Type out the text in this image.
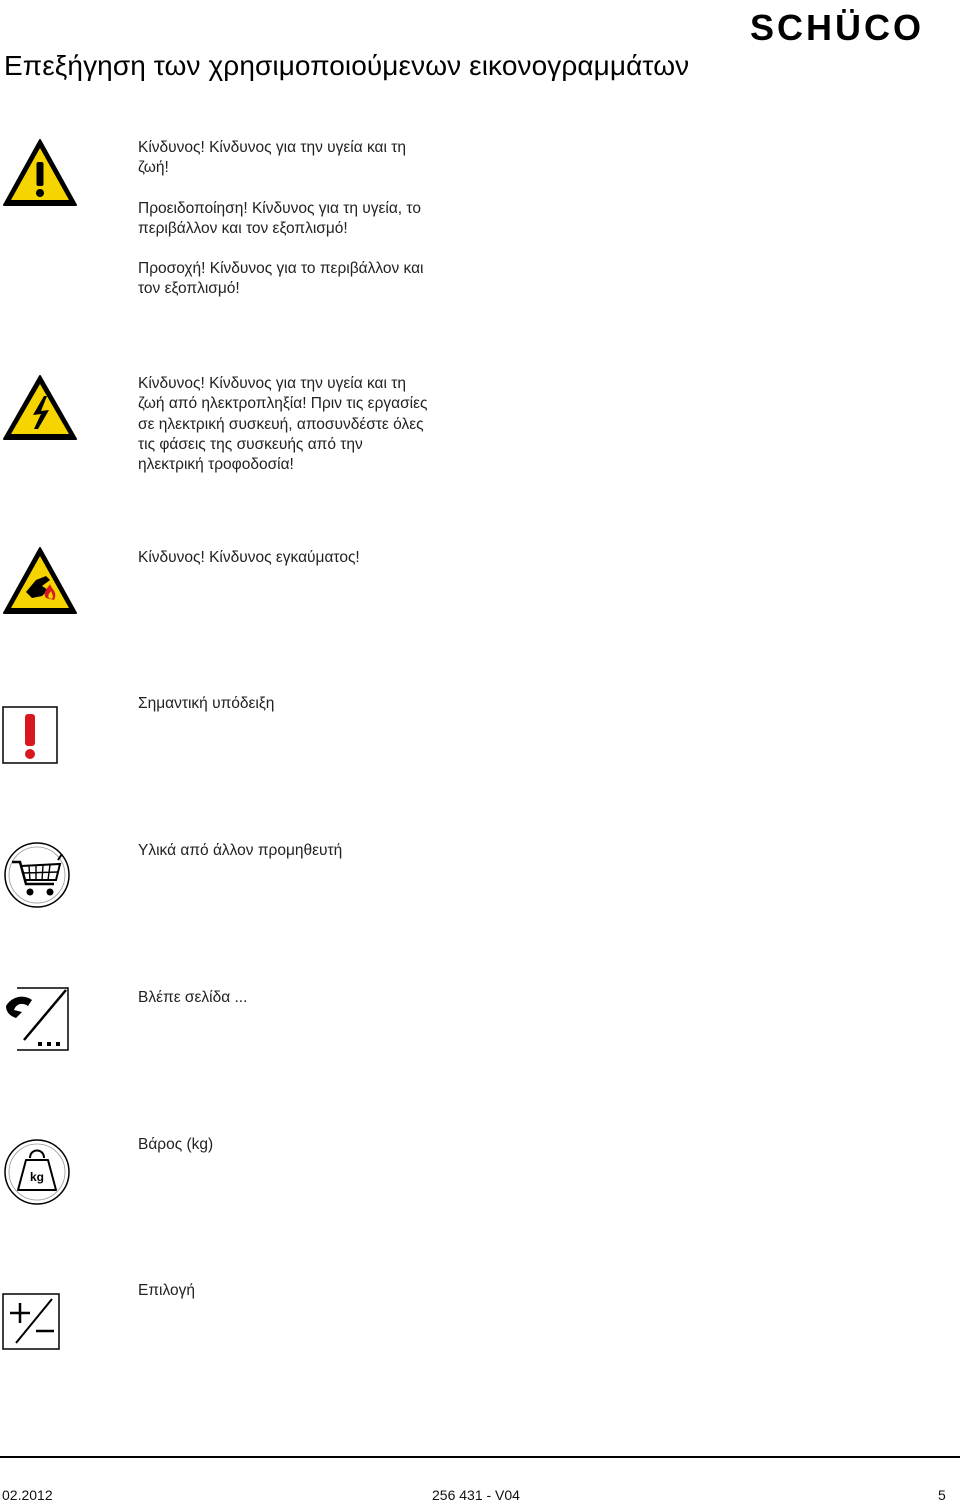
SCHÜCO
Επεξήγηση των χρησιμοποιούμενων εικονογραμμάτων

Κίνδυνος! Κίνδυνος για την υγεία και τη ζωή!

Προειδοποίηση! Κίνδυνος για τη υγεία, το περιβάλλον και τον εξοπλισμό!

Προσοχή! Κίνδυνος για το περιβάλλον και τον εξοπλισμό!

Κίνδυνος! Κίνδυνος για την υγεία και τη ζωή από ηλεκτροπληξία! Πριν τις εργασίες σε ηλεκτρική συσκευή, αποσυνδέστε όλες τις φάσεις της συσκευής από την ηλεκτρική τροφοδοσία!

Κίνδυνος! Κίνδυνος εγκαύματος!

Σημαντική υπόδειξη

Υλικά από άλλον προμηθευτή

Βλέπε σελίδα ...

kg

Βάρος (kg)

Επιλογή

02.2012	256 431 - V04	5
